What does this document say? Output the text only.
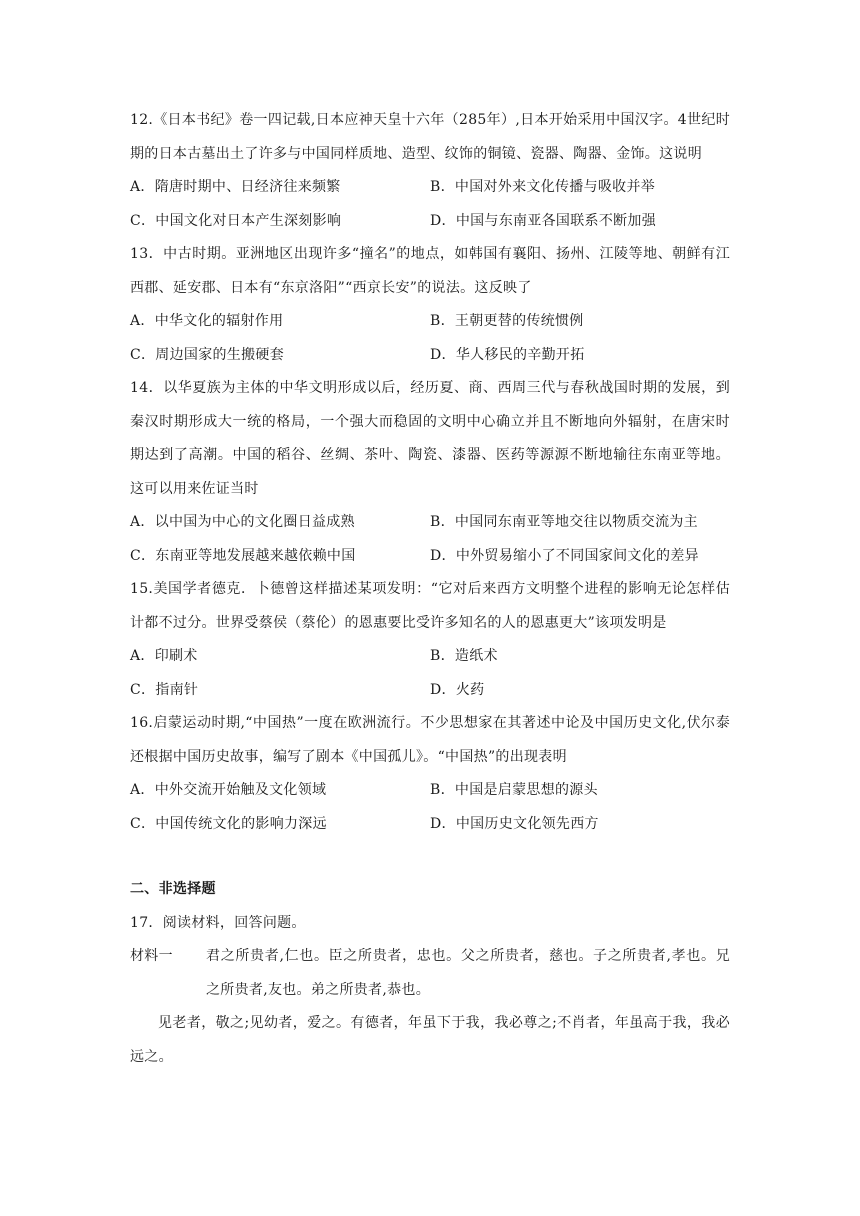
12.《日本书纪》卷一四记载,日本应神天皇十六年（285年）,日本开始采用中国汉字。4世纪时期的日本古墓出土了许多与中国同样质地、造型、纹饰的铜镜、瓷器、陶器、金饰。这说明

A．隋唐时期中、日经济往来频繁	B．中国对外来文化传播与吸收并举
C．中国文化对日本产生深刻影响	D．中国与东南亚各国联系不断加强

13．中古时期。亚洲地区出现许多“撞名”的地点，如韩国有襄阳、扬州、江陵等地、朝鲜有江西郡、延安郡、日本有“东京洛阳”“西京长安”的说法。这反映了

A．中华文化的辐射作用	B．王朝更替的传统惯例
C．周边国家的生搬硬套	D．华人移民的辛勤开拓

14．以华夏族为主体的中华文明形成以后，经历夏、商、西周三代与春秋战国时期的发展，到秦汉时期形成大一统的格局，一个强大而稳固的文明中心确立并且不断地向外辐射，在唐宋时期达到了高潮。中国的稻谷、丝绸、茶叶、陶瓷、漆器、医药等源源不断地输往东南亚等地。这可以用来佐证当时

A．以中国为中心的文化圈日益成熟	B．中国同东南亚等地交往以物质交流为主
C．东南亚等地发展越来越依赖中国	D．中外贸易缩小了不同国家间文化的差异

15.美国学者德克．卜德曾这样描述某项发明：“它对后来西方文明整个进程的影响无论怎样估计都不过分。世界受蔡侯（蔡伦）的恩惠要比受许多知名的人的恩惠更大”该项发明是

A．印刷术	B．造纸术
C．指南针	D．火药

16.启蒙运动时期,“中国热”一度在欧洲流行。不少思想家在其著述中论及中国历史文化,伏尔泰还根据中国历史故事，编写了剧本《中国孤儿》。“中国热”的出现表明

A．中外交流开始触及文化领域	B．中国是启蒙思想的源头
C．中国传统文化的影响力深远	D．中国历史文化领先西方

二、非选择题

17．阅读材料，回答问题。

材料一	君之所贵者,仁也。臣之所贵者，忠也。父之所贵者，慈也。子之所贵者,孝也。兄之所贵者,友也。弟之所贵者,恭也。

见老者，敬之;见幼者，爱之。有德者，年虽下于我，我必尊之;不肖者，年虽高于我，我必远之。
